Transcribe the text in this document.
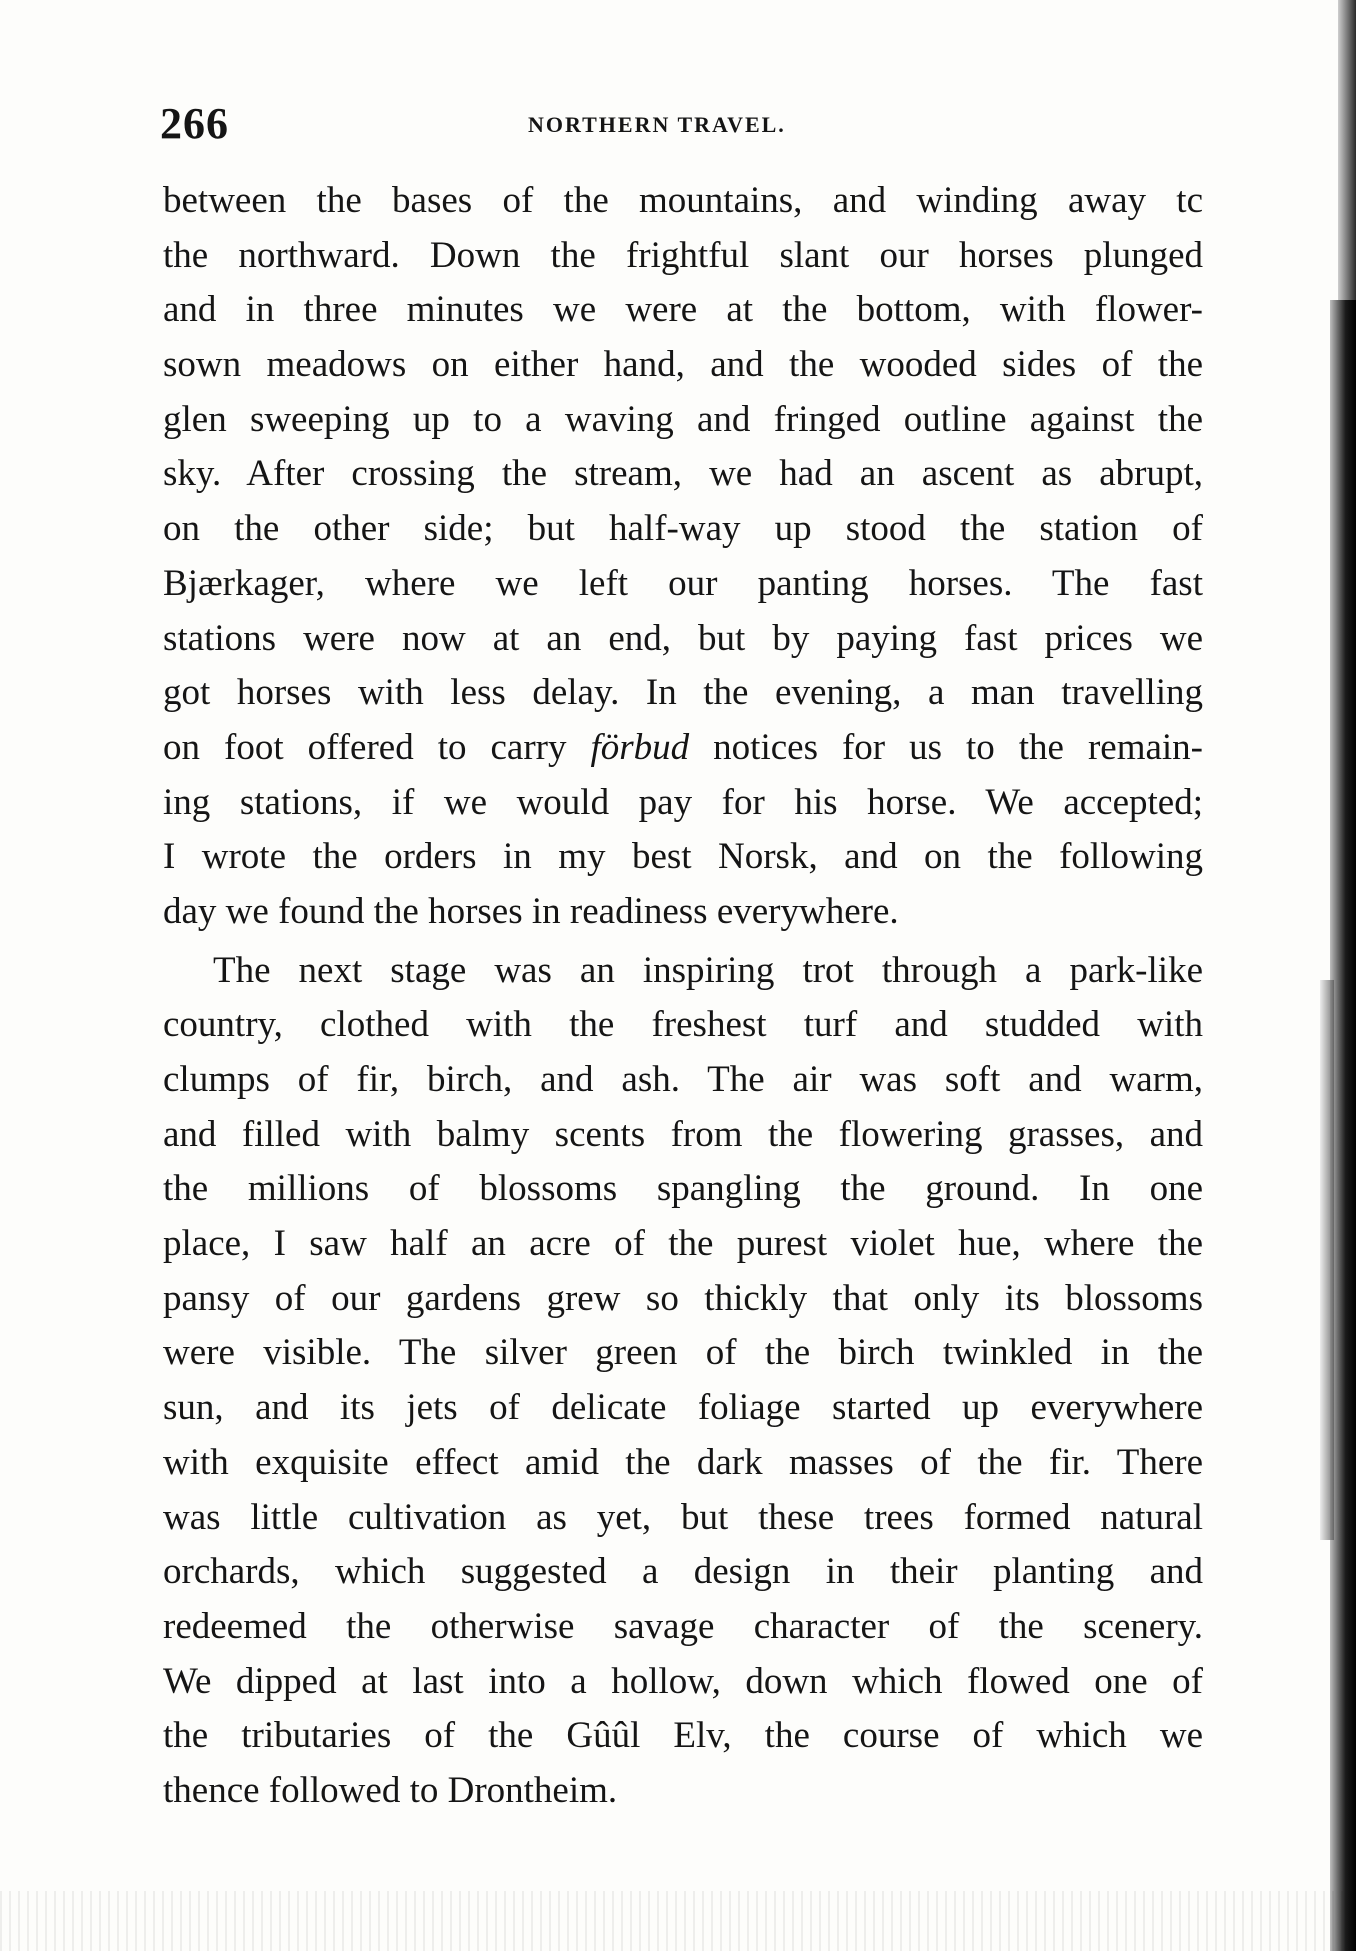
266	NORTHERN TRAVEL.
between the bases of the mountains, and winding away tc
the northward. Down the frightful slant our horses plunged
and in three minutes we were at the bottom, with flower-
sown meadows on either hand, and the wooded sides of the
glen sweeping up to a waving and fringed outline against the
sky. After crossing the stream, we had an ascent as abrupt,
on the other side; but half-way up stood the station of
Bjærkager, where we left our panting horses. The fast
stations were now at an end, but by paying fast prices we
got horses with less delay. In the evening, a man travelling
on foot offered to carry förbud notices for us to the remain-
ing stations, if we would pay for his horse. We accepted;
I wrote the orders in my best Norsk, and on the following
day we found the horses in readiness everywhere.
The next stage was an inspiring trot through a park-like
country, clothed with the freshest turf and studded with
clumps of fir, birch, and ash. The air was soft and warm,
and filled with balmy scents from the flowering grasses, and
the millions of blossoms spangling the ground. In one
place, I saw half an acre of the purest violet hue, where the
pansy of our gardens grew so thickly that only its blossoms
were visible. The silver green of the birch twinkled in the
sun, and its jets of delicate foliage started up everywhere
with exquisite effect amid the dark masses of the fir. There
was little cultivation as yet, but these trees formed natural
orchards, which suggested a design in their planting and
redeemed the otherwise savage character of the scenery.
We dipped at last into a hollow, down which flowed one of
the tributaries of the Gûûl Elv, the course of which we
thence followed to Drontheim.
